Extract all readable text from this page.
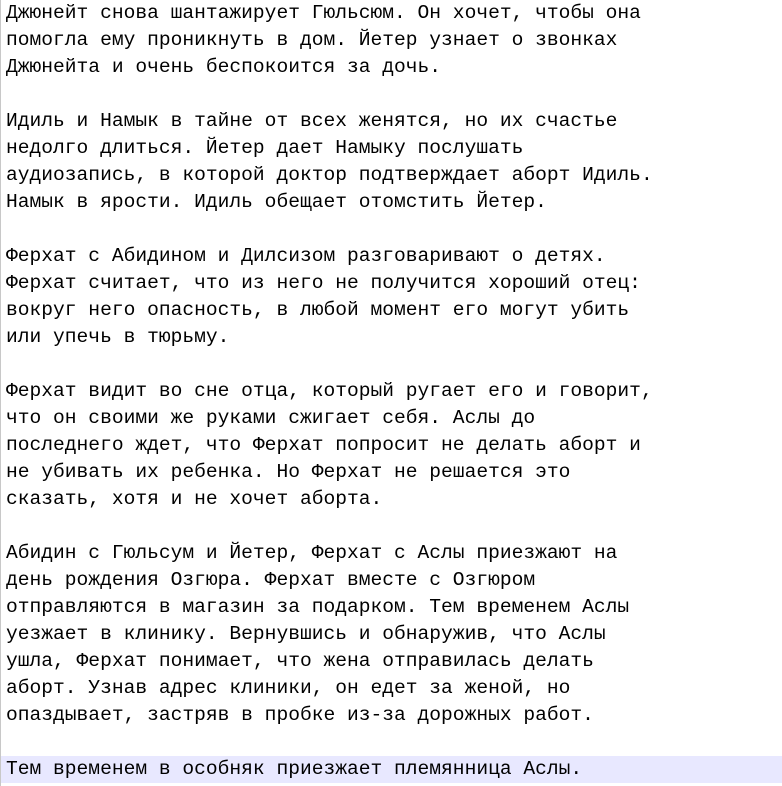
Джюнейт снова шантажирует Гюльсюм. Он хочет, чтобы она
помогла ему проникнуть в дом. Йетер узнает о звонках
Джюнейта и очень беспокоится за дочь.
Идиль и Намык в тайне от всех женятся, но их счастье
недолго длиться. Йетер дает Намыку послушать
аудиозапись, в которой доктор подтверждает аборт Идиль.
Намык в ярости. Идиль обещает отомстить Йетер.
Ферхат с Абидином и Дилсизом разговаривают о детях.
Ферхат считает, что из него не получится хороший отец:
вокруг него опасность, в любой момент его могут убить
или упечь в тюрьму.
Ферхат видит во сне отца, который ругает его и говорит,
что он своими же руками сжигает себя. Аслы до
последнего ждет, что Ферхат попросит не делать аборт и
не убивать их ребенка. Но Ферхат не решается это
сказать, хотя и не хочет аборта.
Абидин с Гюльсум и Йетер, Ферхат с Аслы приезжают на
день рождения Озгюра. Ферхат вместе с Озгюром
отправляются в магазин за подарком. Тем временем Аслы
уезжает в клинику. Вернувшись и обнаружив, что Аслы
ушла, Ферхат понимает, что жена отправилась делать
аборт. Узнав адрес клиники, он едет за женой, но
опаздывает, застряв в пробке из-за дорожных работ.
Тем временем в особняк приезжает племянница Аслы.
